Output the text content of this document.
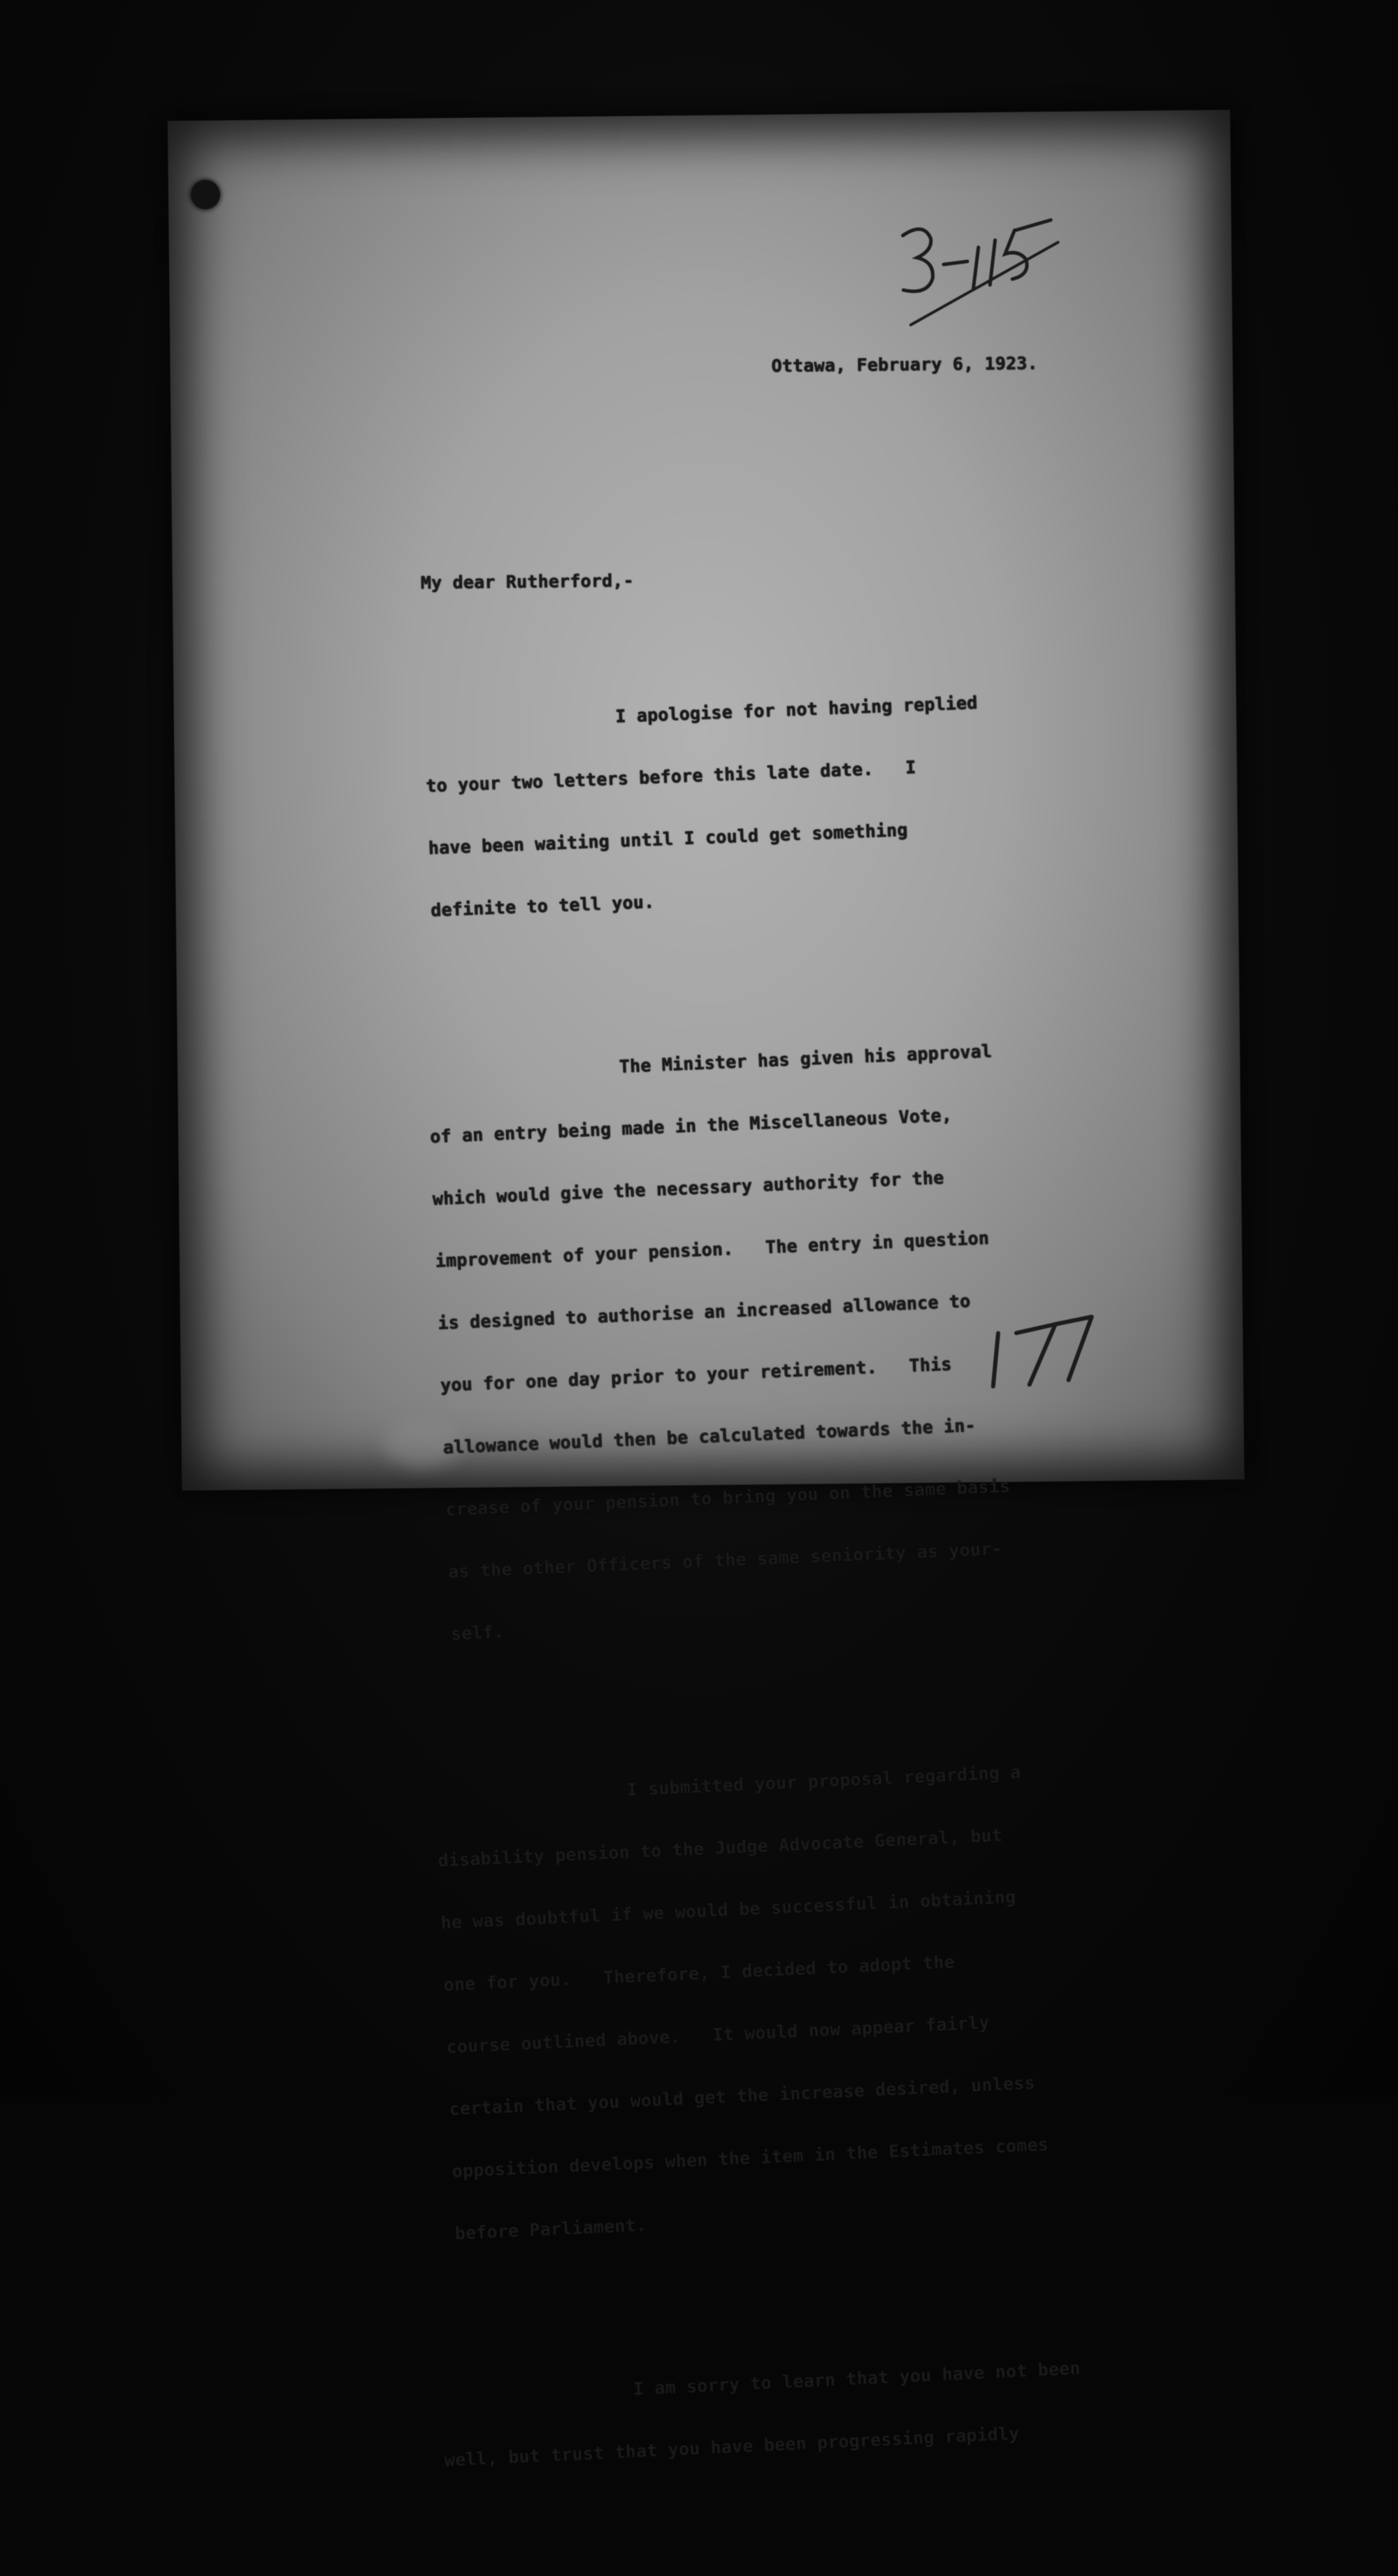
Ottawa, February 6, 1923.
My dear Rutherford,-

I apologise for not having replied

to your two letters before this late date.   I

have been waiting until I could get something

definite to tell you.

The Minister has given his approval

of an entry being made in the Miscellaneous Vote,

which would give the necessary authority for the

improvement of your pension.   The entry in question

is designed to authorise an increased allowance to

you for one day prior to your retirement.   This

allowance would then be calculated towards the in-

crease of your pension to bring you on the same basis

as the other Officers of the same seniority as your-

self.

I submitted your proposal regarding a

disability pension to the Judge Advocate General, but

he was doubtful if we would be successful in obtaining

one for you.   Therefore, I decided to adopt the

course outlined above.   It would now appear fairly

certain that you would get the increase desired, unless

opposition develops when the item in the Estimates comes

before Parliament.

I am sorry to learn that you have not been

well, but trust that you have been progressing rapidly
